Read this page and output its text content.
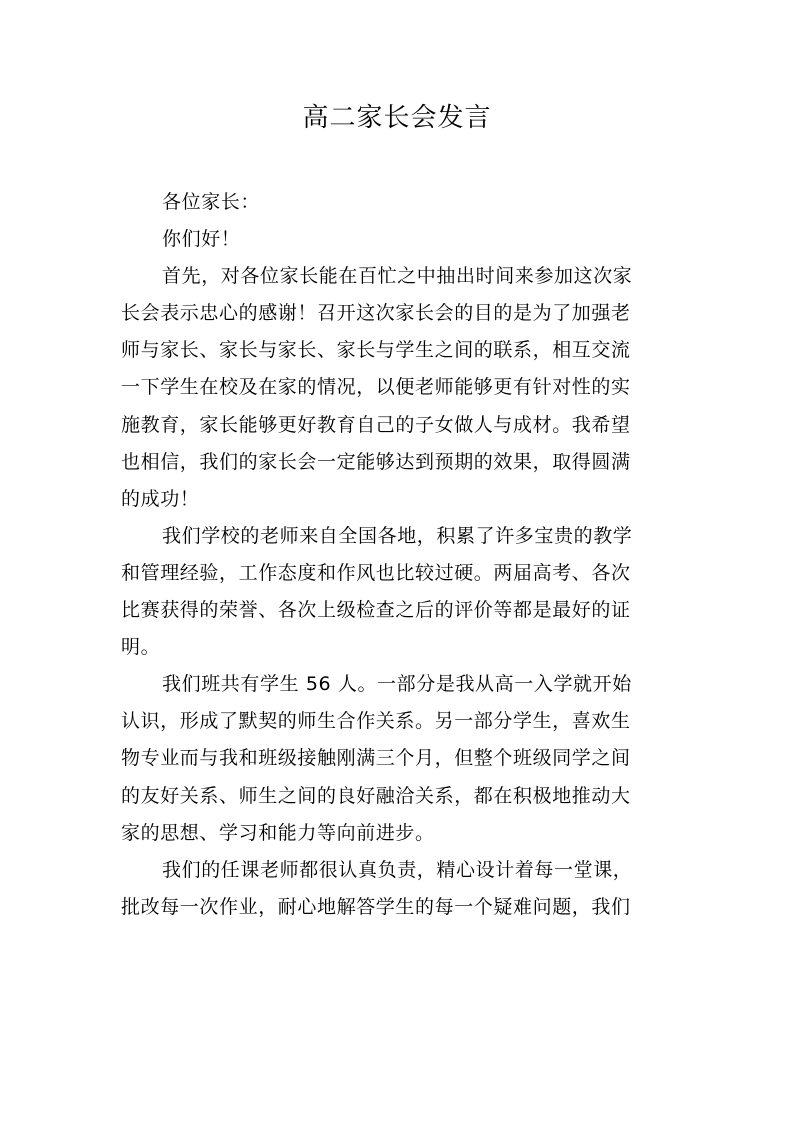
高二家长会发言
各位家长：
你们好！
首先，对各位家长能在百忙之中抽出时间来参加这次家
长会表示忠心的感谢！召开这次家长会的目的是为了加强老
师与家长、家长与家长、家长与学生之间的联系，相互交流
一下学生在校及在家的情况，以便老师能够更有针对性的实
施教育，家长能够更好教育自己的子女做人与成材。我希望
也相信，我们的家长会一定能够达到预期的效果，取得圆满
的成功！
我们学校的老师来自全国各地，积累了许多宝贵的教学
和管理经验，工作态度和作风也比较过硬。两届高考、各次
比赛获得的荣誉、各次上级检查之后的评价等都是最好的证
明。
我们班共有学生 56 人。一部分是我从高一入学就开始
认识，形成了默契的师生合作关系。另一部分学生，喜欢生
物专业而与我和班级接触刚满三个月，但整个班级同学之间
的友好关系、师生之间的良好融洽关系，都在积极地推动大
家的思想、学习和能力等向前进步。
我们的任课老师都很认真负责，精心设计着每一堂课，
批改每一次作业，耐心地解答学生的每一个疑难问题，我们
